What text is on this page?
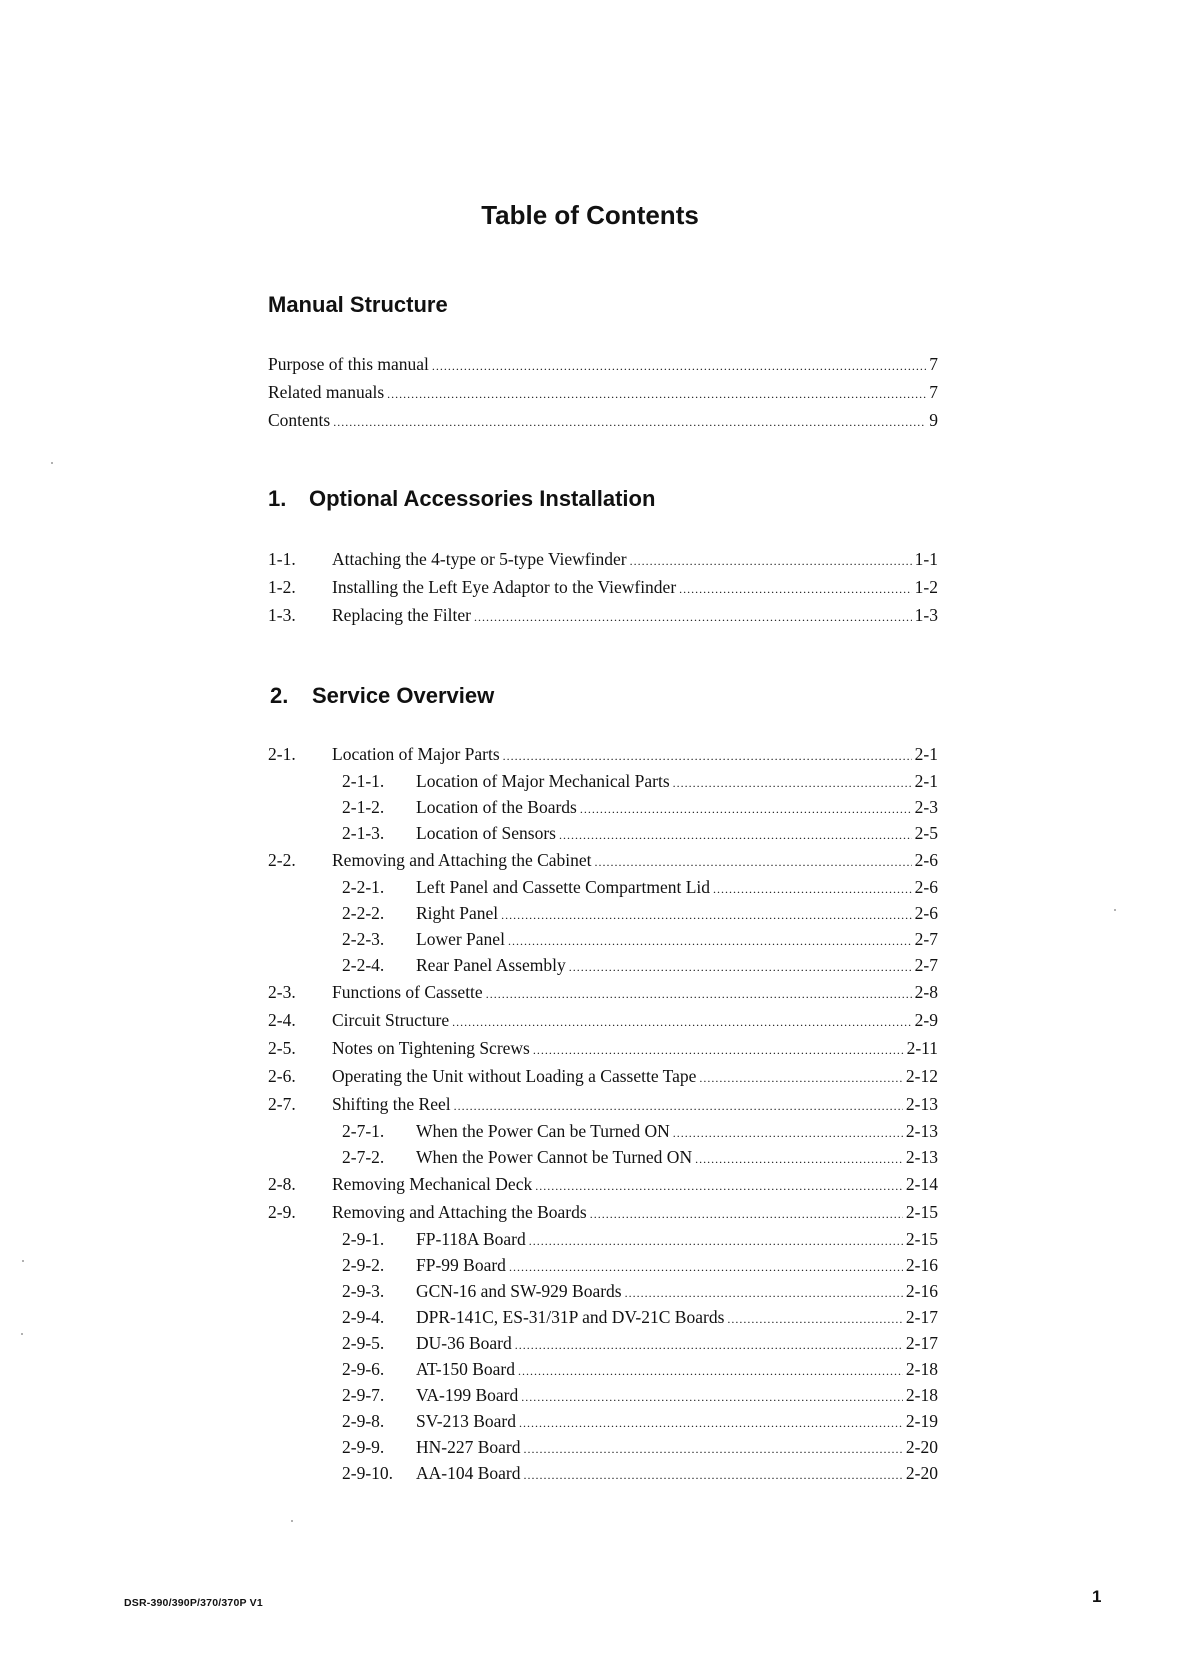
Table of Contents
Manual Structure
Purpose of this manual .....	7
Related manuals .....	7
Contents .....	9
1. Optional Accessories Installation
1-1.	Attaching the 4-type or 5-type Viewfinder .....	1-1
1-2.	Installing the Left Eye Adaptor to the Viewfinder .....	1-2
1-3.	Replacing the Filter .....	1-3
2. Service Overview
2-1.	Location of Major Parts .....	2-1
2-1-1.	Location of Major Mechanical Parts .....	2-1
2-1-2.	Location of the Boards .....	2-3
2-1-3.	Location of Sensors .....	2-5
2-2.	Removing and Attaching the Cabinet .....	2-6
2-2-1.	Left Panel and Cassette Compartment Lid .....	2-6
2-2-2.	Right Panel .....	2-6
2-2-3.	Lower Panel .....	2-7
2-2-4.	Rear Panel Assembly .....	2-7
2-3.	Functions of Cassette .....	2-8
2-4.	Circuit Structure .....	2-9
2-5.	Notes on Tightening Screws .....	2-11
2-6.	Operating the Unit without Loading a Cassette Tape .....	2-12
2-7.	Shifting the Reel .....	2-13
2-7-1.	When the Power Can be Turned ON .....	2-13
2-7-2.	When the Power Cannot be Turned ON .....	2-13
2-8.	Removing Mechanical Deck .....	2-14
2-9.	Removing and Attaching the Boards .....	2-15
2-9-1.	FP-118A Board .....	2-15
2-9-2.	FP-99 Board .....	2-16
2-9-3.	GCN-16 and SW-929 Boards .....	2-16
2-9-4.	DPR-141C, ES-31/31P and DV-21C Boards .....	2-17
2-9-5.	DU-36 Board .....	2-17
2-9-6.	AT-150 Board .....	2-18
2-9-7.	VA-199 Board .....	2-18
2-9-8.	SV-213 Board .....	2-19
2-9-9.	HN-227 Board .....	2-20
2-9-10.	AA-104 Board .....	2-20
DSR-390/390P/370/370P V1	1
